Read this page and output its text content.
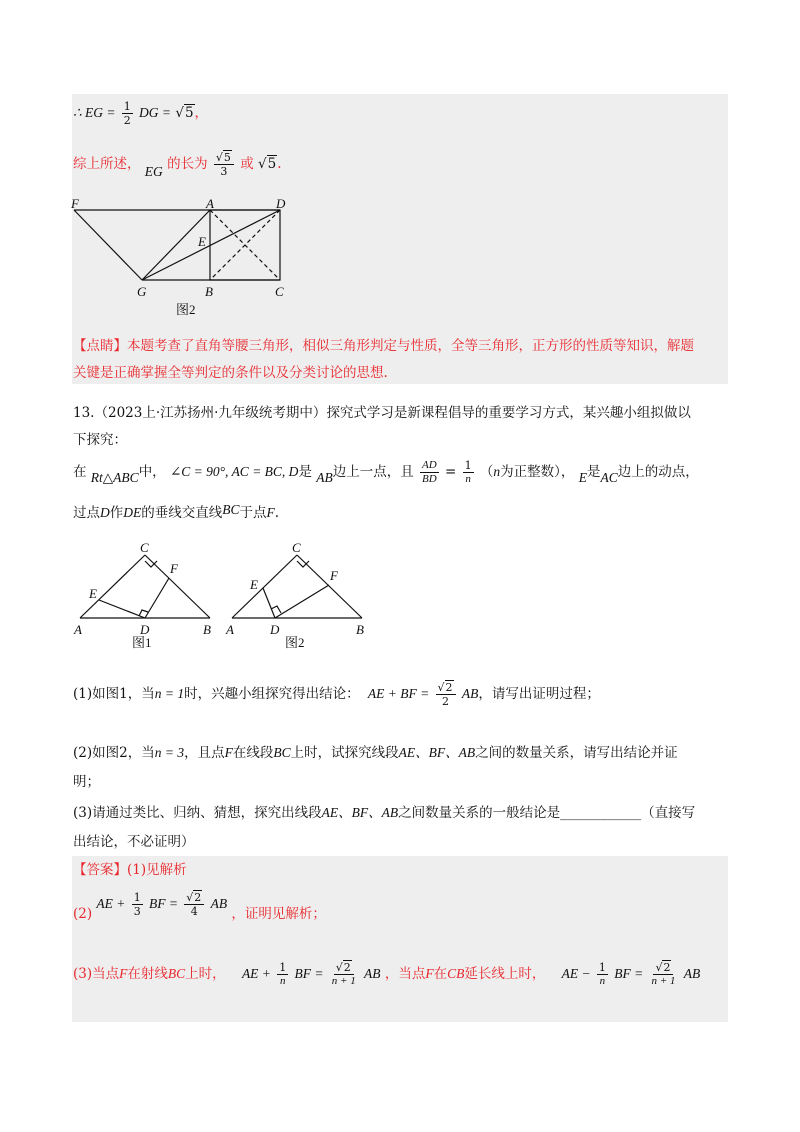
∴ EG = $\frac{1}{2}$ DG = √5，
综上所述， EG 的长为 $\frac{√5}{3}$ 或 √5.
F	A	D
E
G	B	C
图2
【点睛】本题考查了直角等腰三角形，相似三角形判定与性质，全等三角形，正方形的性质等知识，解题
关键是正确掌握全等判定的条件以及分类讨论的思想.
13.（2023上·江苏扬州·九年级统考期中）探究式学习是新课程倡导的重要学习方式，某兴趣小组拟做以
下探究：
在 Rt△ABC中， ∠C = 90°, AC = BC, D是 AB边上一点，且 $\frac{AD}{BD} = \frac{1}{n} (n$为正整数）， E是AC边上的动点，
过点D作DE的垂线交直线BC于点F.
C
F
E
A	D	B
图1
C
F
E
A	D	B
图2
(1)如图1，当n = 1时，兴趣小组探究得出结论： AE + BF = $\frac{√2}{2}$ AB，请写出证明过程；
(2)如图2，当n = 3，且点F在线段BC上时，试探究线段AE、BF、AB之间的数量关系，请写出结论并证
明；
(3)请通过类比、归纳、猜想，探究出线段AE、BF、AB之间数量关系的一般结论是____________（直接写
出结论，不必证明）
【答案】(1)见解析
(2) AE + $\frac{1}{3}$ BF = $\frac{√2}{4}$ AB ，证明见解析；
(3)当点F在射线BC上时， AE + $\frac{1}{n}$ BF = $\frac{√2}{n + 1}$ AB ，当点F在CB延长线上时， AE − $\frac{1}{n}$ BF = $\frac{√2}{n + 1}$ AB
